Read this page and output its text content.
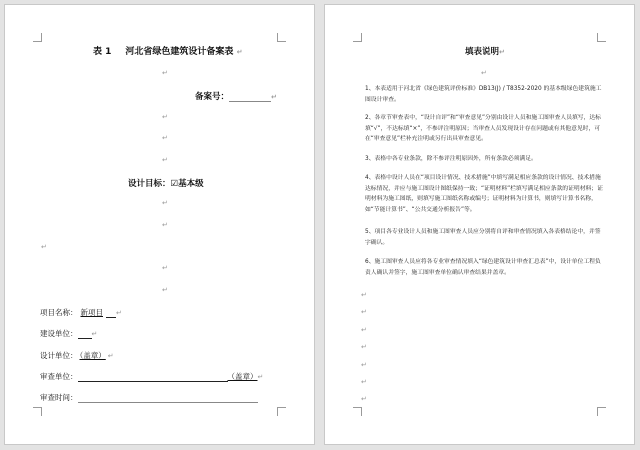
表 1 河北省绿色建筑设计备案表 ↵
↵
备案号：	↵
↵
↵
↵
设计目标：☑基本级
↵
↵
↵
↵
↵
项目名称： 新项目 ↵
建设单位： ↵
设计单位： （盖章） ↵
审查单位：	（盖章）↵
审查时间：
填表说明↵
↵
1、本表适用于河北省《绿色建筑评价标准》DB13(J) / T8352-2020 的基本级绿色建筑施工图设计审查。
2、各章节审查表中，“设计自评”和“审查意见”分别由设计人员和施工图审查人员填写，达标填“√”，不达标填“×”，不参评注明原因；当审查人员发现设计存在问题或有其他意见时，可在“审查意见”栏补充注明或另行出具审查意见。
3、表格中各专业条款，除不参评注明原因外，所有条款必须满足。
4、表格中设计人员在“项目设计情况、技术措施”中填写满足相应条款的设计情况、技术措施达标情况，并应与施工图设计图纸保持一致；“证明材料”栏填写满足相应条款的证明材料；证明材料为施工图纸，则填写施工图纸名称或编号；证明材料为计算书，则填写计算书名称，如“节能计算书”、“公共交通分析报告”等。
5、项目各专业设计人员和施工图审查人员应分别将自评和审查情况填入各表格结论中，并签字确认。
6、施工图审查人员应将各专业审查情况填入“绿色建筑设计审查汇总表”中，设计单位工程负责人确认并签字，施工图审查单位确认审查结果并盖章。
↵
↵
↵
↵
↵
↵
↵
